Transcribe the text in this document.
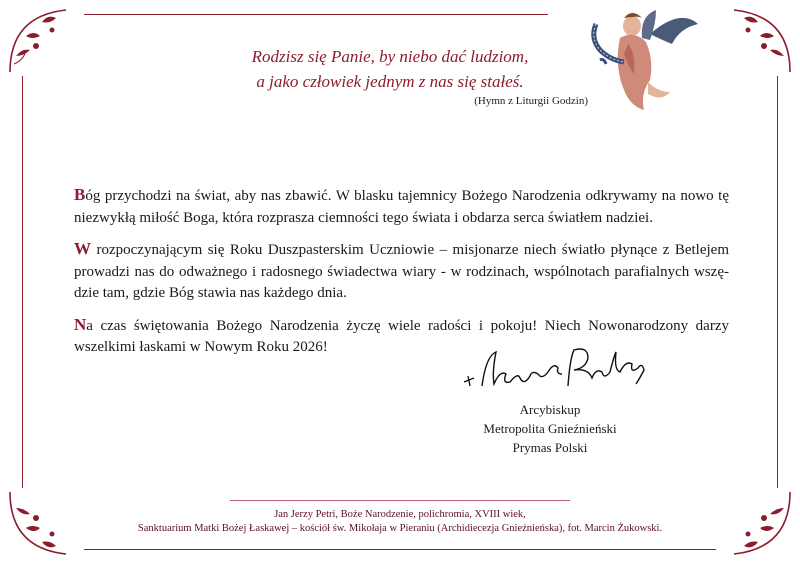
Rodzisz się Panie, by niebo dać ludziom,
a jako człowiek jednym z nas się stałeś.
(Hymn z Liturgii Godzin)

Bóg przychodzi na świat, aby nas zbawić. W blasku tajemnicy Bożego Narodzenia odkrywamy na nowo tę niezwykłą miłość Boga, która rozprasza ciemności tego świata i obdarza serca światłem nadziei.

W rozpoczynającym się Roku Duszpasterskim Uczniowie – misjonarze niech światło płynące z Betlejem prowadzi nas do odważnego i radosnego świadectwa wiary - w rodzinach, wspólnotach parafialnych wszę- dzie tam, gdzie Bóg stawia nas każdego dnia.

Na czas świętowania Bożego Narodzenia życzę wiele radości i pokoju! Niech Nowonarodzony darzy wszelkimi łaskami w Nowym Roku 2026!

Arcybiskup
Metropolita Gnieźnieński
Prymas Polski
Jan Jerzy Petri, Boże Narodzenie, polichromia, XVIII wiek,
Sanktuarium Matki Bożej Łaskawej – kościół św. Mikołaja w Pieraniu (Archidiecezja Gnieźnieńska), fot. Marcin Żukowski.
